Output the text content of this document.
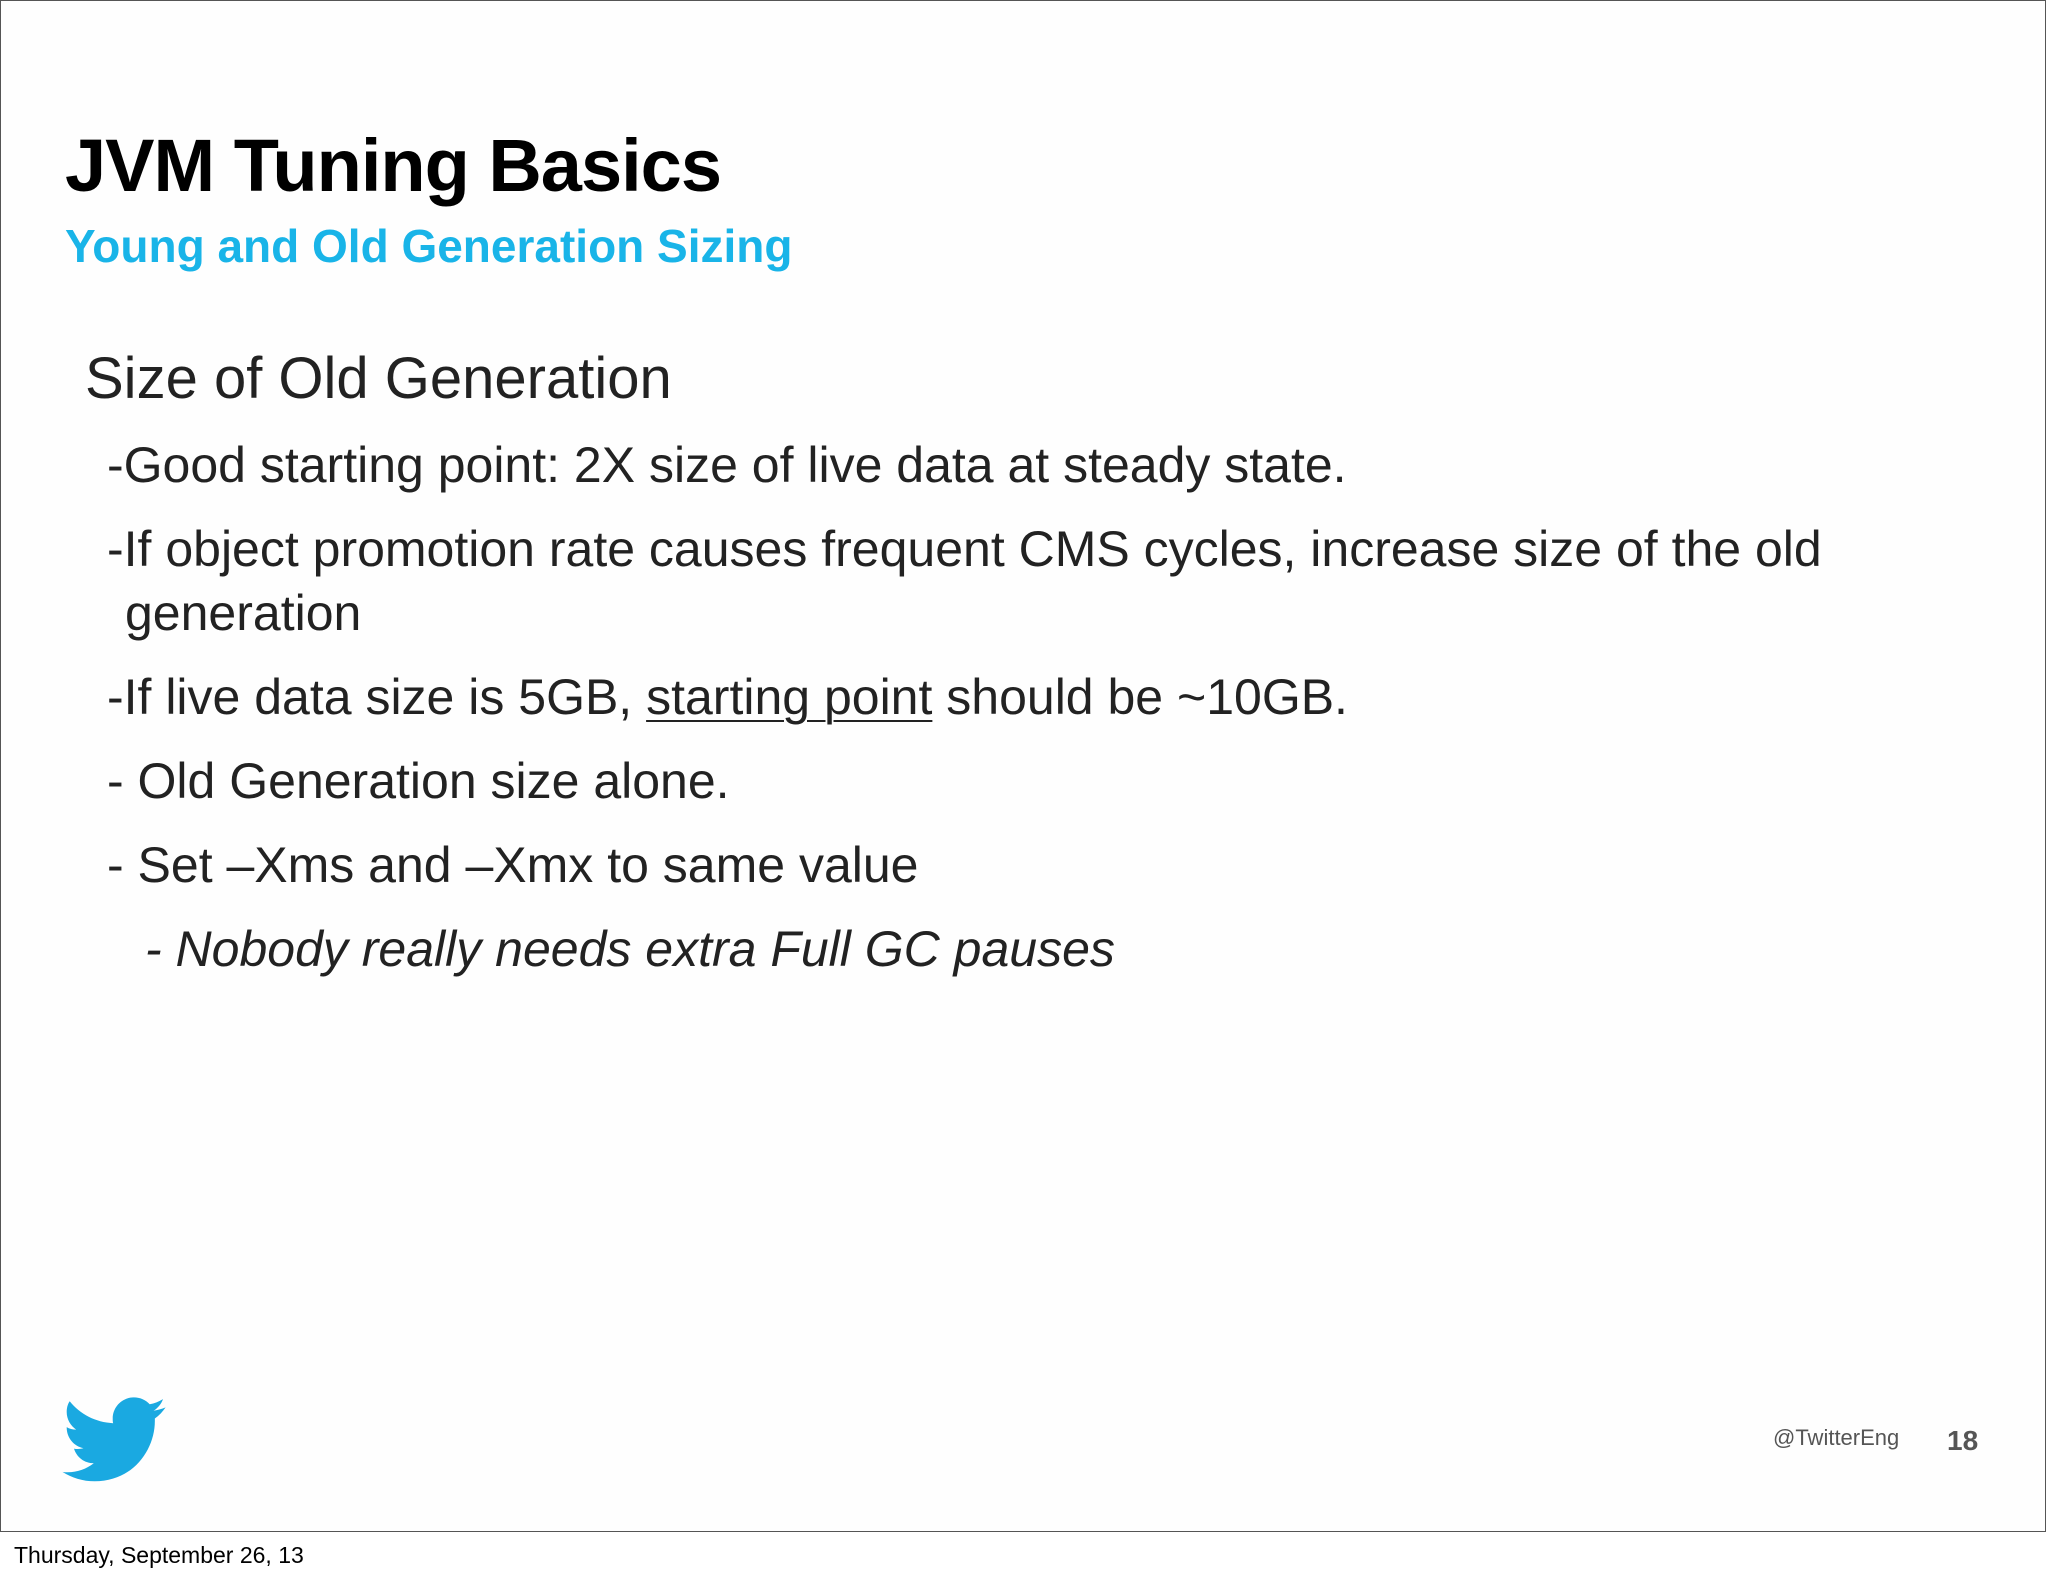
JVM Tuning Basics
Young and Old Generation Sizing
Size of Old Generation
-Good starting point: 2X size of live data at steady state.
-If object promotion rate causes frequent CMS cycles, increase size of the old
generation
-If live data size is 5GB, starting point should be ~10GB.
- Old Generation size alone.
- Set –Xms and –Xmx to same value
- Nobody really needs extra Full GC pauses
@TwitterEng 18
Thursday, September 26, 13
